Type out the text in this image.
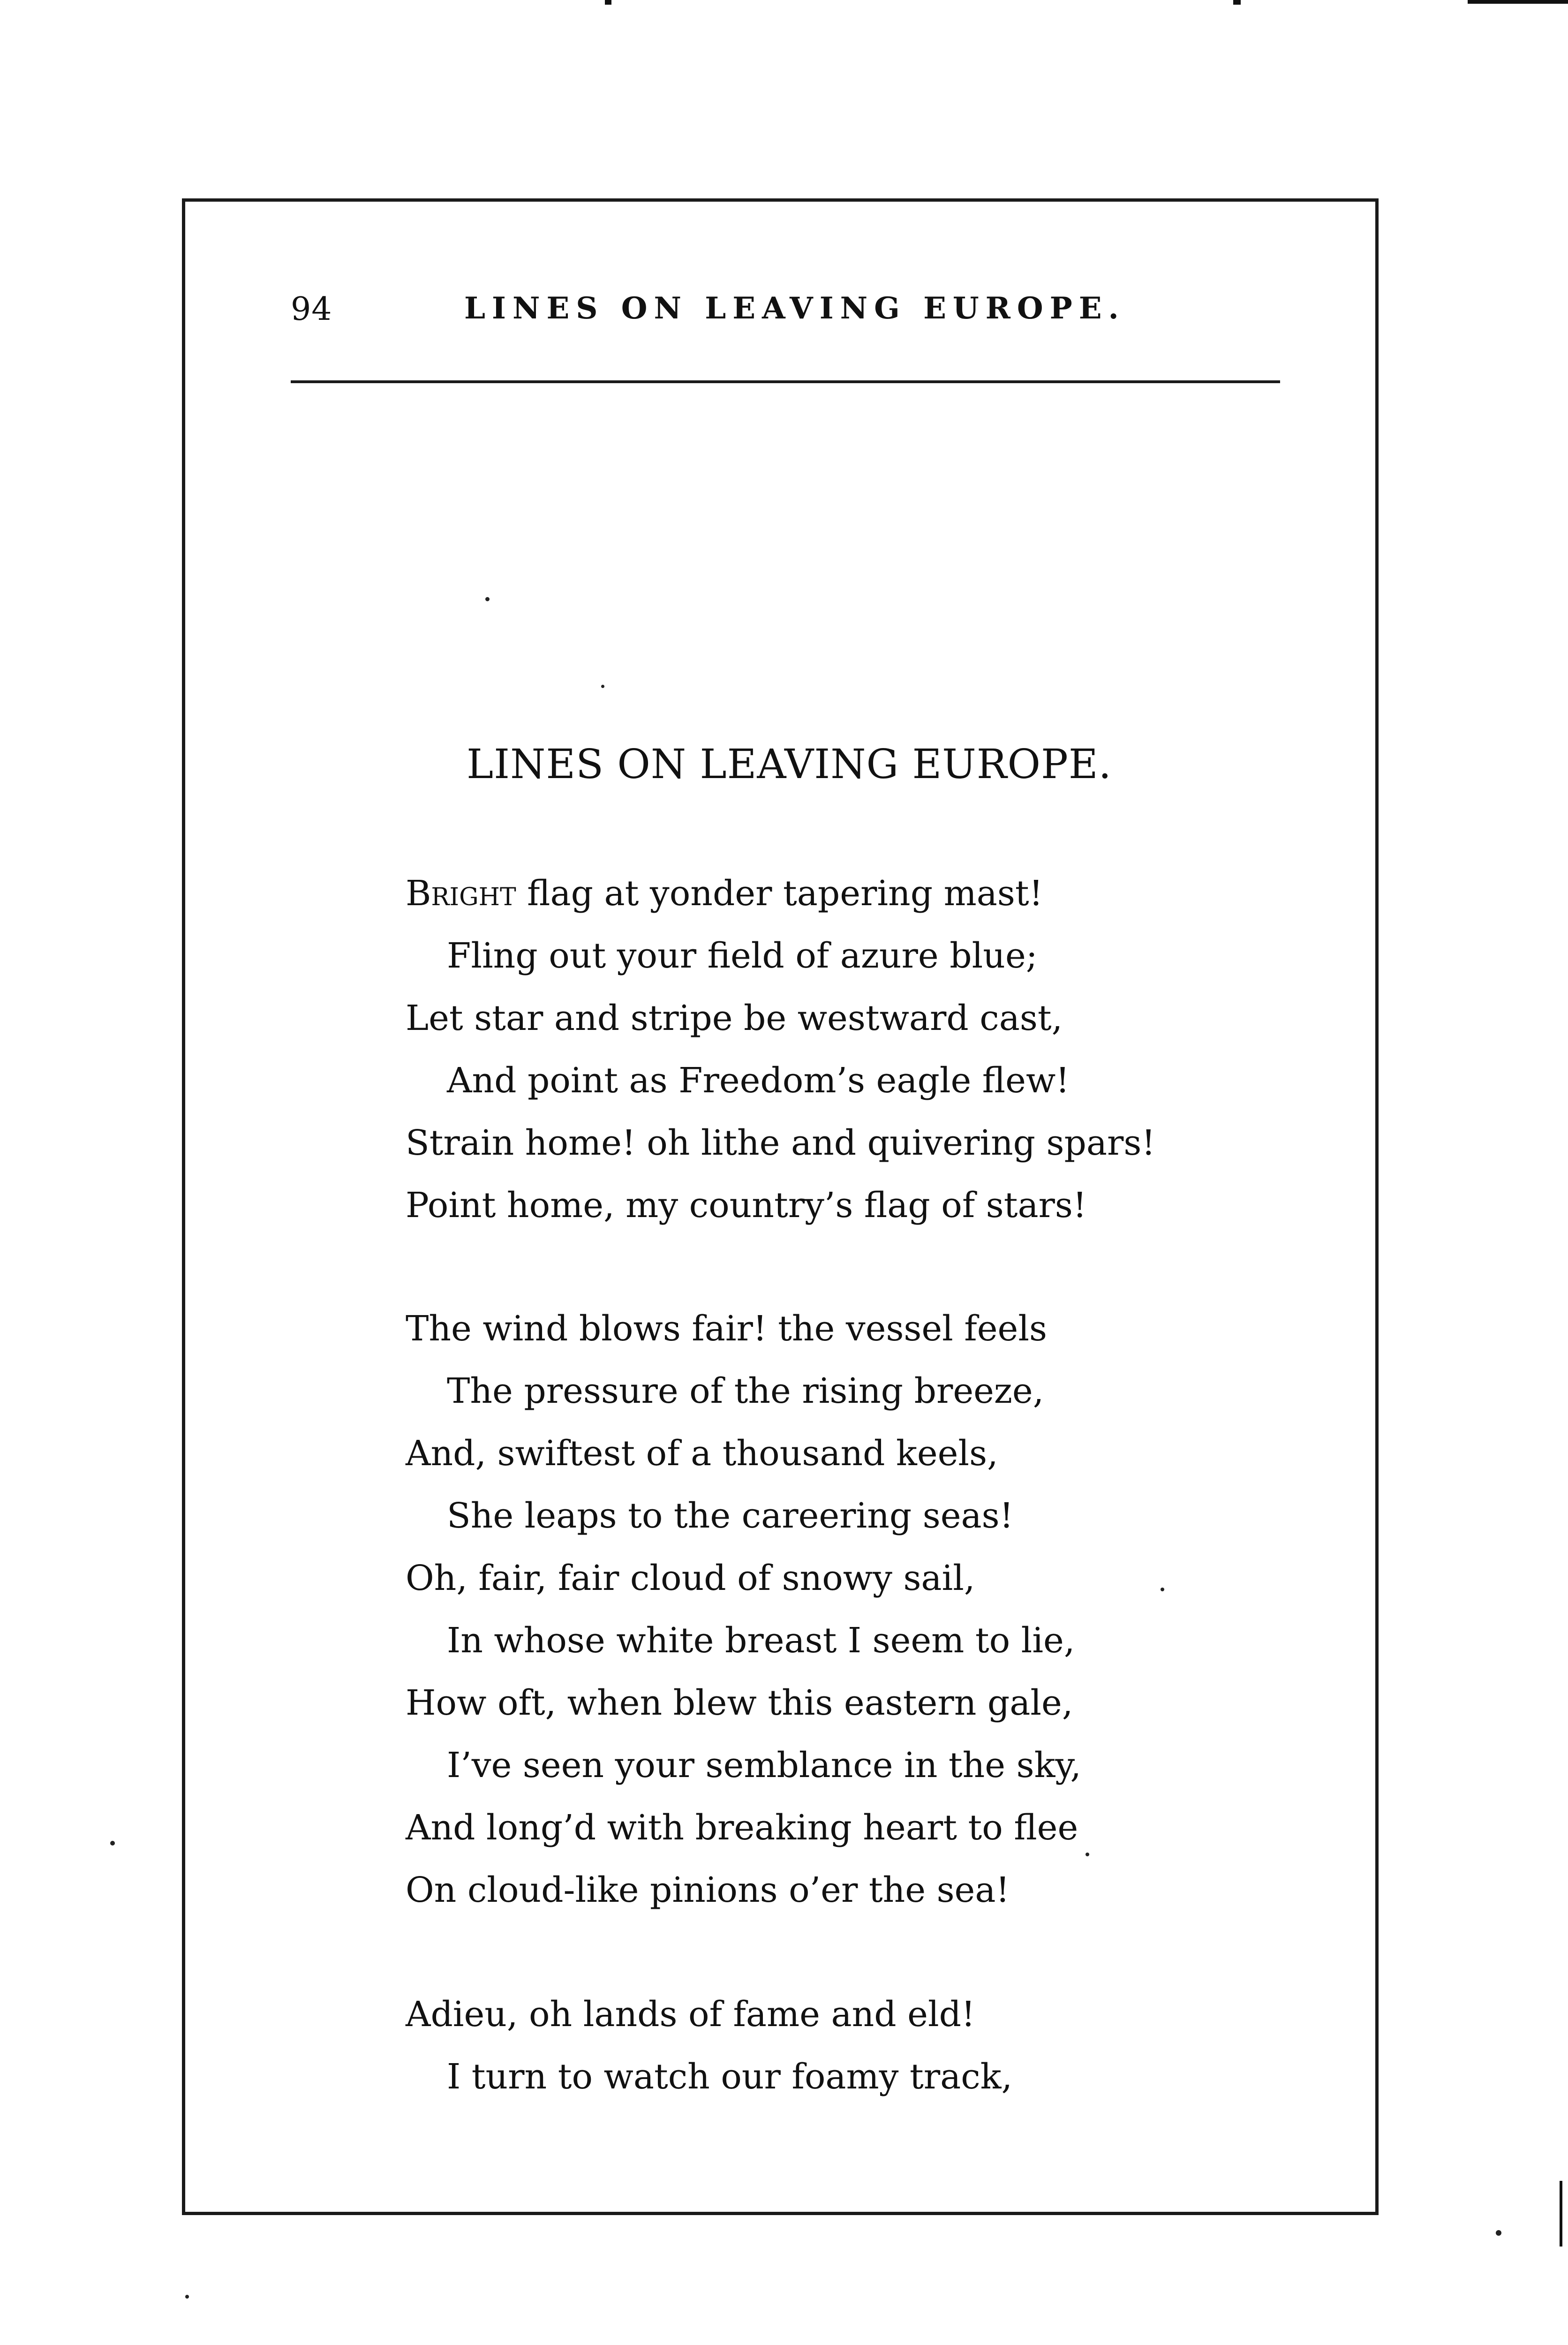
94	LINES ON LEAVING EUROPE.
LINES ON LEAVING EUROPE.
Bright flag at yonder tapering mast!
Fling out your field of azure blue;
Let star and stripe be westward cast,
And point as Freedom’s eagle flew!
Strain home! oh lithe and quivering spars!
Point home, my country’s flag of stars!
The wind blows fair! the vessel feels
The pressure of the rising breeze,
And, swiftest of a thousand keels,
She leaps to the careering seas!
Oh, fair, fair cloud of snowy sail,
In whose white breast I seem to lie,
How oft, when blew this eastern gale,
I’ve seen your semblance in the sky,
And long’d with breaking heart to flee
On cloud-like pinions o’er the sea!
Adieu, oh lands of fame and eld!
I turn to watch our foamy track,
